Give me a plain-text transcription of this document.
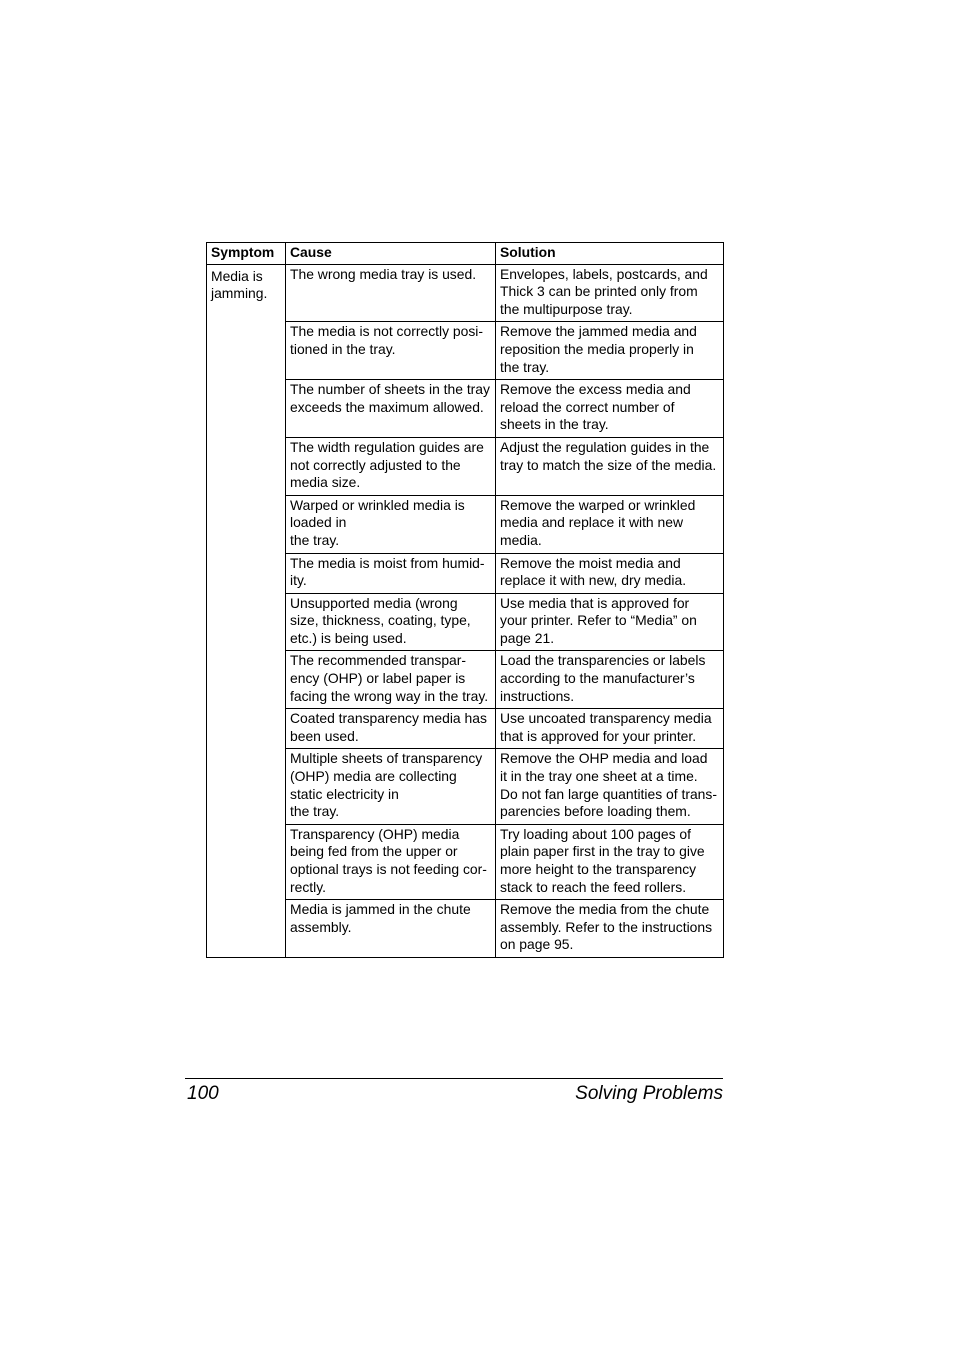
Symptom	Cause	Solution

Media is
jamming.	The wrong media tray is used.	Envelopes, labels, postcards, and
Thick 3 can be printed only from
the multipurpose tray.

	The media is not correctly posi-
tioned in the tray.	Remove the jammed media and
reposition the media properly in
the tray.

	The number of sheets in the tray
exceeds the maximum allowed.	Remove the excess media and
reload the correct number of
sheets in the tray.

	The width regulation guides are
not correctly adjusted to the
media size.	Adjust the regulation guides in the
tray to match the size of the media.

	Warped or wrinkled media is
loaded in
the tray.	Remove the warped or wrinkled
media and replace it with new
media.

	The media is moist from humid-
ity.	Remove the moist media and
replace it with new, dry media.

	Unsupported media (wrong
size, thickness, coating, type,
etc.) is being used.	Use media that is approved for
your printer. Refer to “Media” on
page 21.

	The recommended transpar-
ency (OHP) or label paper is
facing the wrong way in the tray.	Load the transparencies or labels
according to the manufacturer’s
instructions.

	Coated transparency media has
been used.	Use uncoated transparency media
that is approved for your printer.

	Multiple sheets of transparency
(OHP) media are collecting
static electricity in
the tray.	Remove the OHP media and load
it in the tray one sheet at a time.
Do not fan large quantities of trans-
parencies before loading them.

	Transparency (OHP) media
being fed from the upper or
optional trays is not feeding cor-
rectly.	Try loading about 100 pages of
plain paper first in the tray to give
more height to the transparency
stack to reach the feed rollers.

	Media is jammed in the chute
assembly.	Remove the media from the chute
assembly. Refer to the instructions
on page 95.
100	Solving Problems
